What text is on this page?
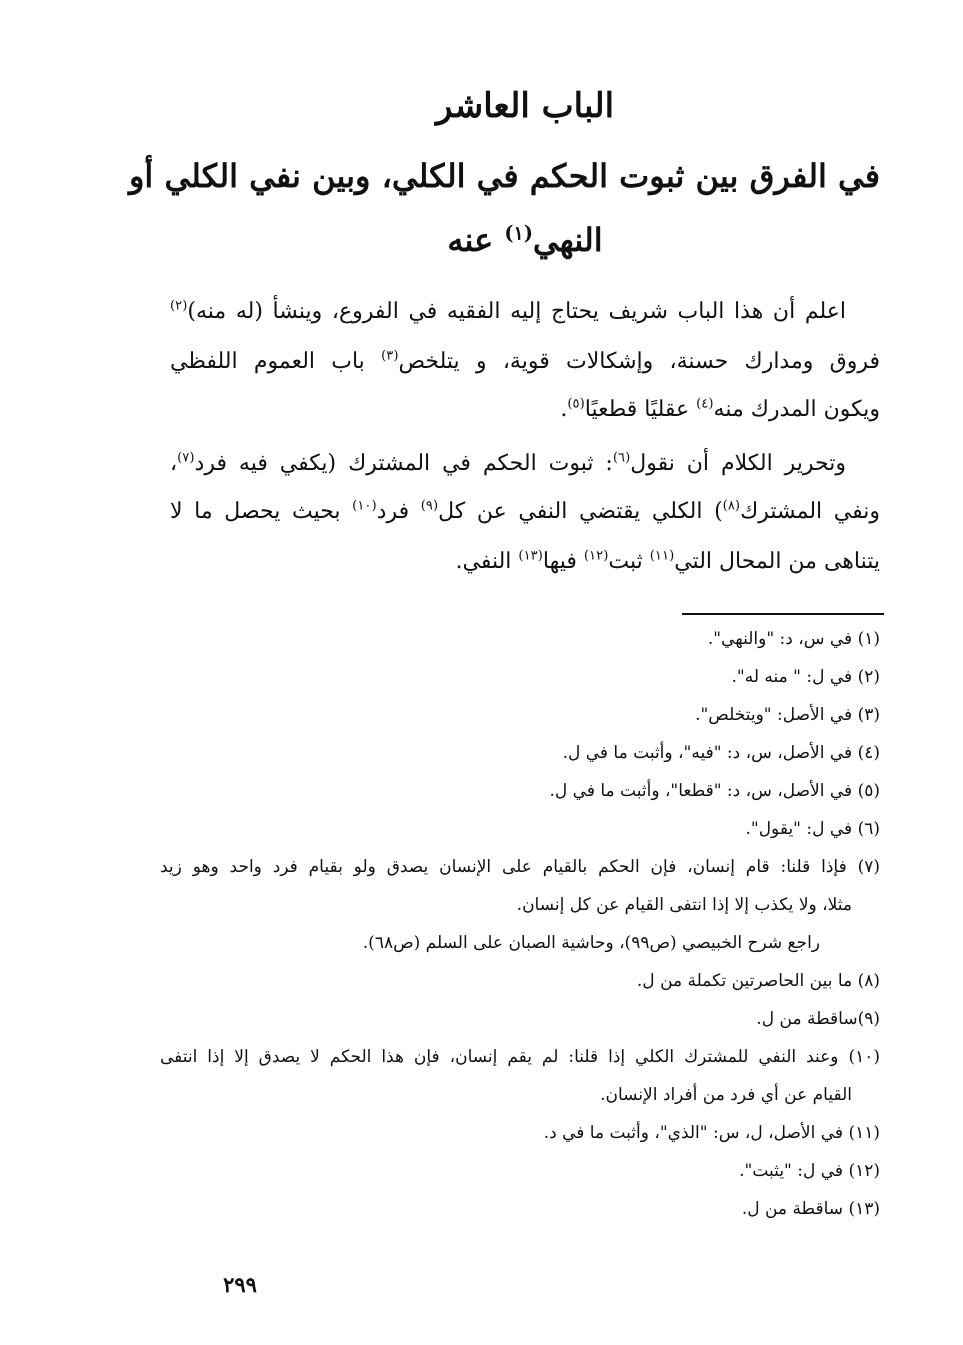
الباب العاشر
في الفرق بين ثبوت الحكم في الكلي، وبين نفي الكلي أو
النهي$^{(١)}$ عنه

اعلم أن هذا الباب شريف يحتاج إليه الفقيه في الفروع، وينشأ (له منه)$^{(٢)}$

فروق ومدارك حسنة، وإشكالات قوية، و يتلخص$^{(٣)}$ باب العموم اللفظي

ويكون المدرك منه$^{(٤)}$ عقليًا قطعيًا$^{(٥)}$.

وتحرير الكلام أن نقول$^{(٦)}$: ثبوت الحكم في المشترك (يكفي فيه فرد$^{(٧)}$،

ونفي المشترك$^{(٨)}$) الكلي يقتضي النفي عن كل$^{(٩)}$ فرد$^{(١٠)}$ بحيث يحصل ما لا

يتناهى من المحال التي$^{(١١)}$ ثبت$^{(١٢)}$ فيها$^{(١٣)}$ النفي.

(١) في س، د: "والنهي".

(٢) في ل: " منه له".

(٣) في الأصل: "ويتخلص".

(٤) في الأصل، س، د: "فيه"، وأثبت ما في ل.

(٥) في الأصل، س، د: "قطعا"، وأثبت ما في ل.

(٦) في ل: "يقول".

(٧) فإذا قلنا: قام إنسان، فإن الحكم بالقيام على الإنسان يصدق ولو بقيام فرد واحد وهو زيد

مثلا، ولا يكذب إلا إذا انتفى القيام عن كل إنسان.

راجع شرح الخبيصي (ص٩٩)، وحاشية الصبان على السلم (ص٦٨).

(٨) ما بين الحاصرتين تكملة من ل.

(٩)ساقطة من ل.

(١٠) وعند النفي للمشترك الكلي إذا قلنا: لم يقم إنسان، فإن هذا الحكم لا يصدق إلا إذا انتفى

القيام عن أي فرد من أفراد الإنسان.

(١١) في الأصل، ل، س: "الذي"، وأثبت ما في د.

(١٢) في ل: "يثبت".

(١٣) ساقطة من ل.

٢٩٩
